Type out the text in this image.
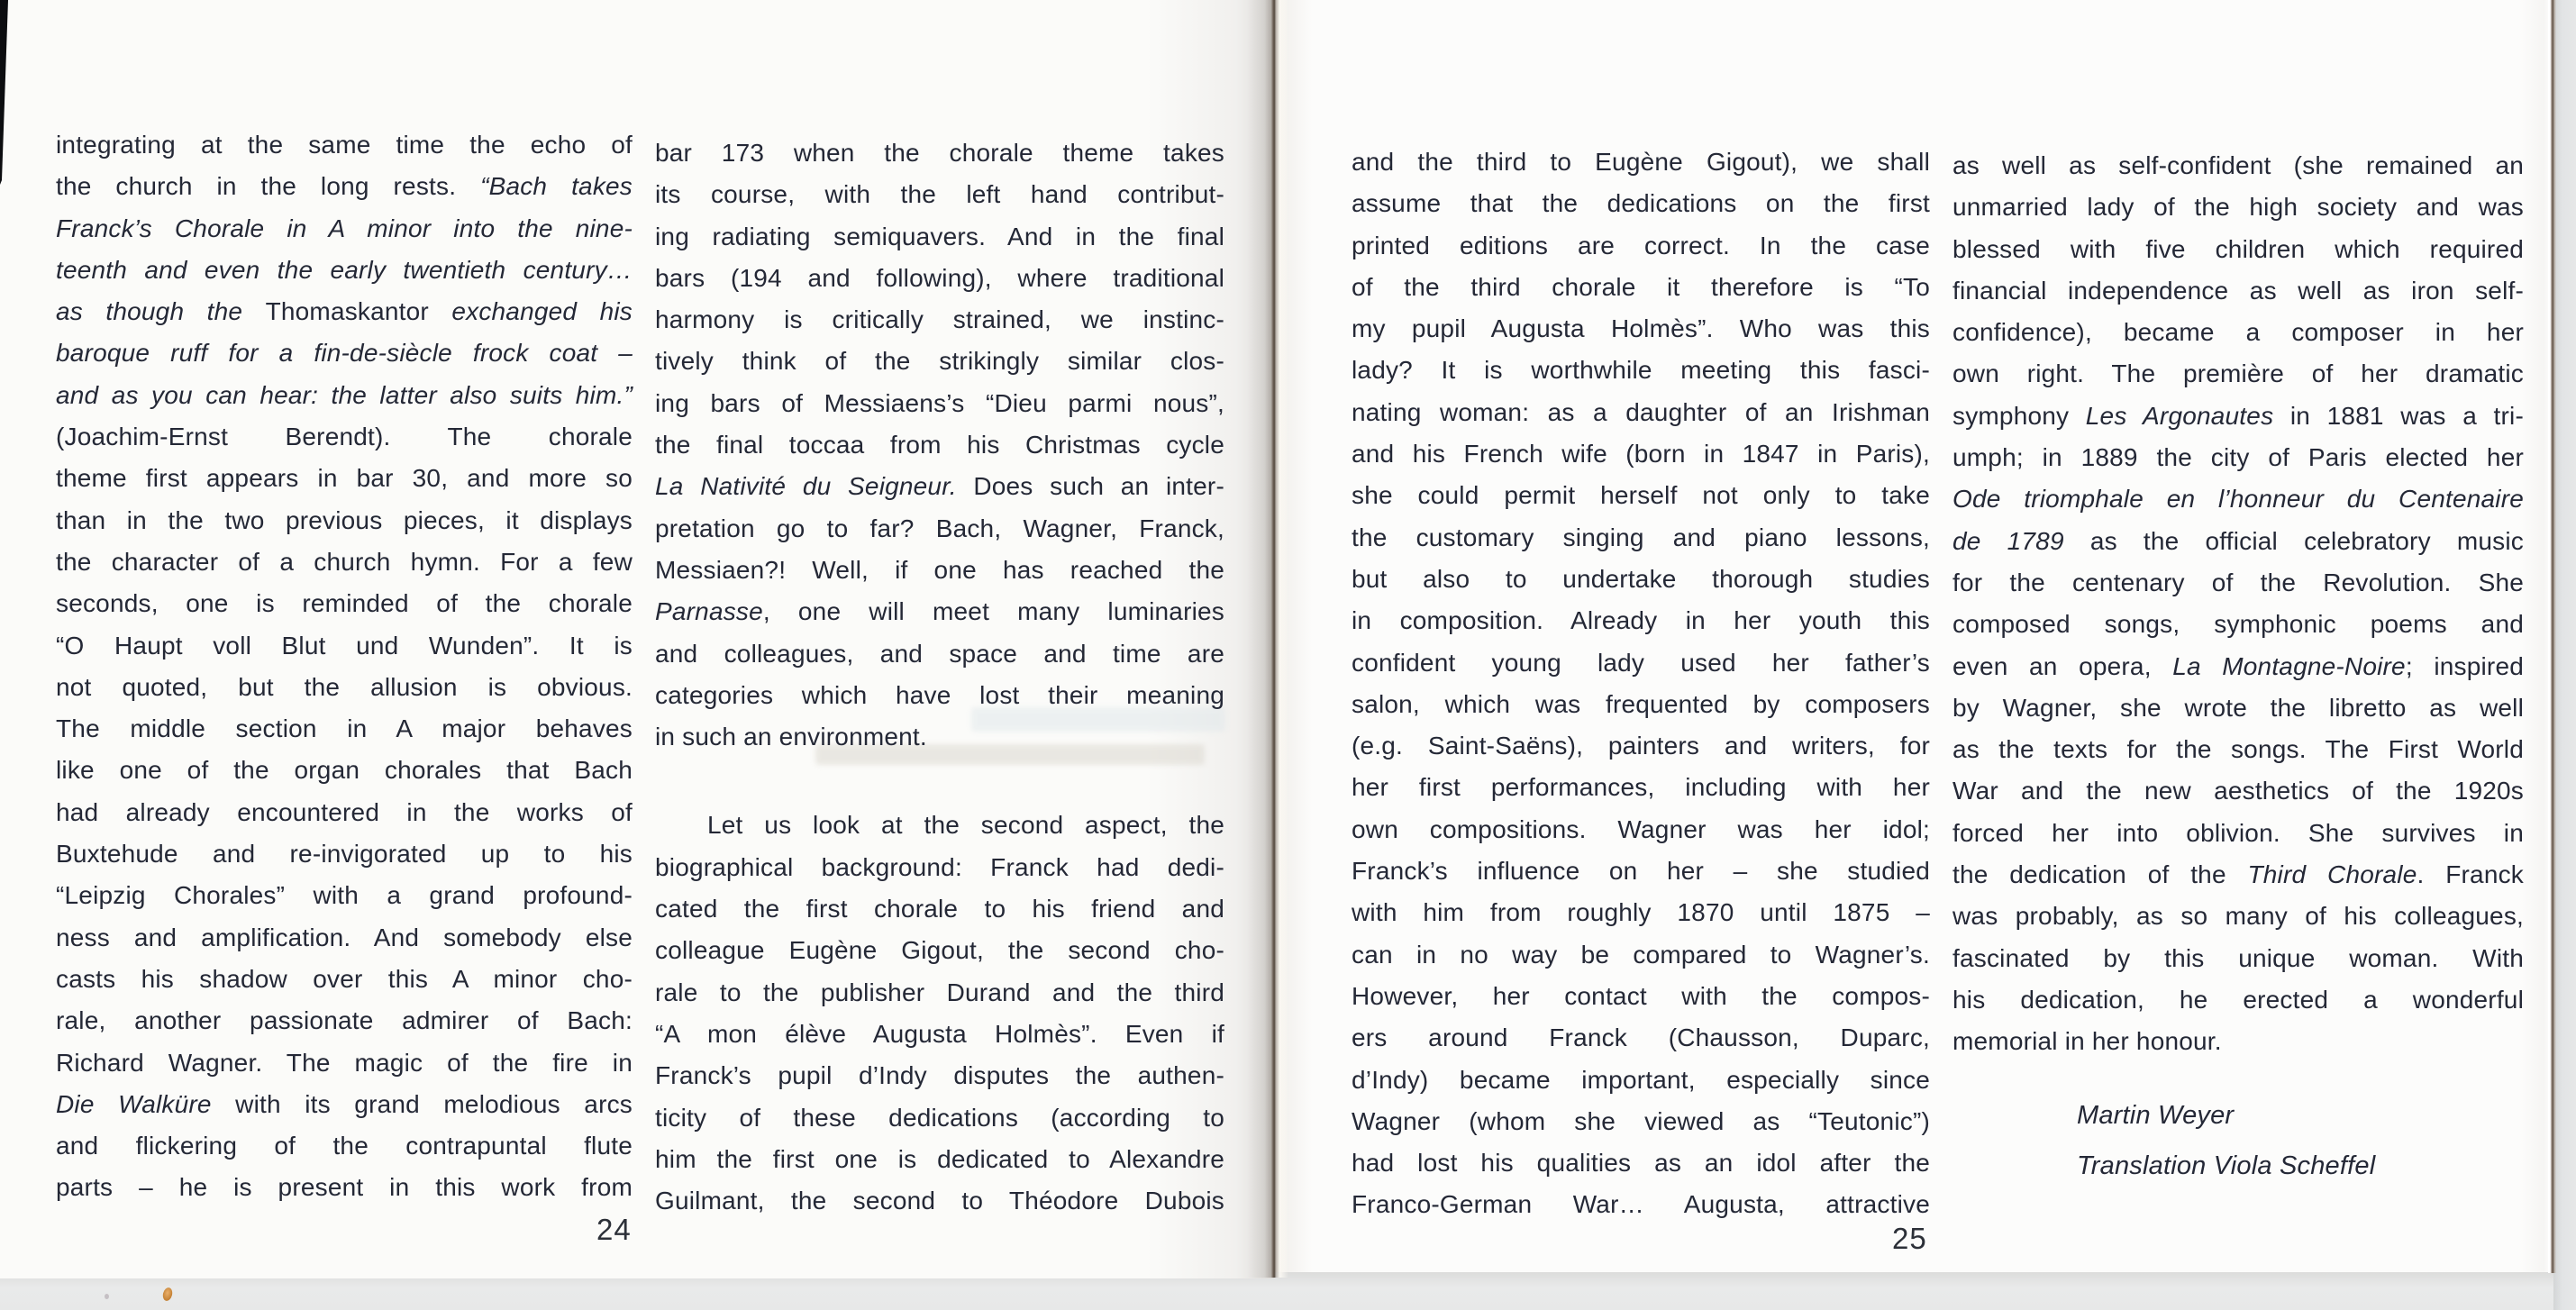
integrating at the same time the echo of
the church in the long rests. “Bach takes
Franck’s Chorale in A minor into the nine-
teenth and even the early twentieth century…
as though the Thomaskantor exchanged his
baroque ruff for a fin-de-siècle frock coat –
and as you can hear: the latter also suits him.”
(Joachim-Ernst Berendt). The chorale
theme first appears in bar 30, and more so
than in the two previous pieces, it displays
the character of a church hymn. For a few
seconds, one is reminded of the chorale
“O Haupt voll Blut und Wunden”. It is
not quoted, but the allusion is obvious.
The middle section in A major behaves
like one of the organ chorales that Bach
had already encountered in the works of
Buxtehude and re-invigorated up to his
“Leipzig Chorales” with a grand profound-
ness and amplification. And somebody else
casts his shadow over this A minor cho-
rale, another passionate admirer of Bach:
Richard Wagner. The magic of the fire in
Die Walküre with its grand melodious arcs
and flickering of the contrapuntal flute
parts – he is present in this work from
bar 173 when the chorale theme takes
its course, with the left hand contribut-
ing radiating semiquavers. And in the final
bars (194 and following), where traditional
harmony is critically strained, we instinc-
tively think of the strikingly similar clos-
ing bars of Messiaens’s “Dieu parmi nous”,
the final toccaa from his Christmas cycle
La Nativité du Seigneur. Does such an inter-
pretation go to far? Bach, Wagner, Franck,
Messiaen?! Well, if one has reached the
Parnasse, one will meet many luminaries
and colleagues, and space and time are
categories which have lost their meaning
in such an environment.
Let us look at the second aspect, the
biographical background: Franck had dedi-
cated the first chorale to his friend and
colleague Eugène Gigout, the second cho-
rale to the publisher Durand and the third
“A mon élève Augusta Holmès”. Even if
Franck’s pupil d’Indy disputes the authen-
ticity of these dedications (according to
him the first one is dedicated to Alexandre
Guilmant, the second to Théodore Dubois
and the third to Eugène Gigout), we shall
assume that the dedications on the first
printed editions are correct. In the case
of the third chorale it therefore is “To
my pupil Augusta Holmès”. Who was this
lady? It is worthwhile meeting this fasci-
nating woman: as a daughter of an Irishman
and his French wife (born in 1847 in Paris),
she could permit herself not only to take
the customary singing and piano lessons,
but also to undertake thorough studies
in composition. Already in her youth this
confident young lady used her father’s
salon, which was frequented by composers
(e.g. Saint-Saëns), painters and writers, for
her first performances, including with her
own compositions. Wagner was her idol;
Franck’s influence on her – she studied
with him from roughly 1870 until 1875 –
can in no way be compared to Wagner’s.
However, her contact with the compos-
ers around Franck (Chausson, Duparc,
d’Indy) became important, especially since
Wagner (whom she viewed as “Teutonic”)
had lost his qualities as an idol after the
Franco-German War… Augusta, attractive
as well as self-confident (she remained an
unmarried lady of the high society and was
blessed with five children which required
financial independence as well as iron self-
confidence), became a composer in her
own right. The première of her dramatic
symphony Les Argonautes in 1881 was a tri-
umph; in 1889 the city of Paris elected her
Ode triomphale en l’honneur du Centenaire
de 1789 as the official celebratory music
for the centenary of the Revolution. She
composed songs, symphonic poems and
even an opera, La Montagne-Noire; inspired
by Wagner, she wrote the libretto as well
as the texts for the songs. The First World
War and the new aesthetics of the 1920s
forced her into oblivion. She survives in
the dedication of the Third Chorale. Franck
was probably, as so many of his colleagues,
fascinated by this unique woman. With
his dedication, he erected a wonderful
memorial in her honour.
Martin Weyer
Translation Viola Scheffel
24	25
